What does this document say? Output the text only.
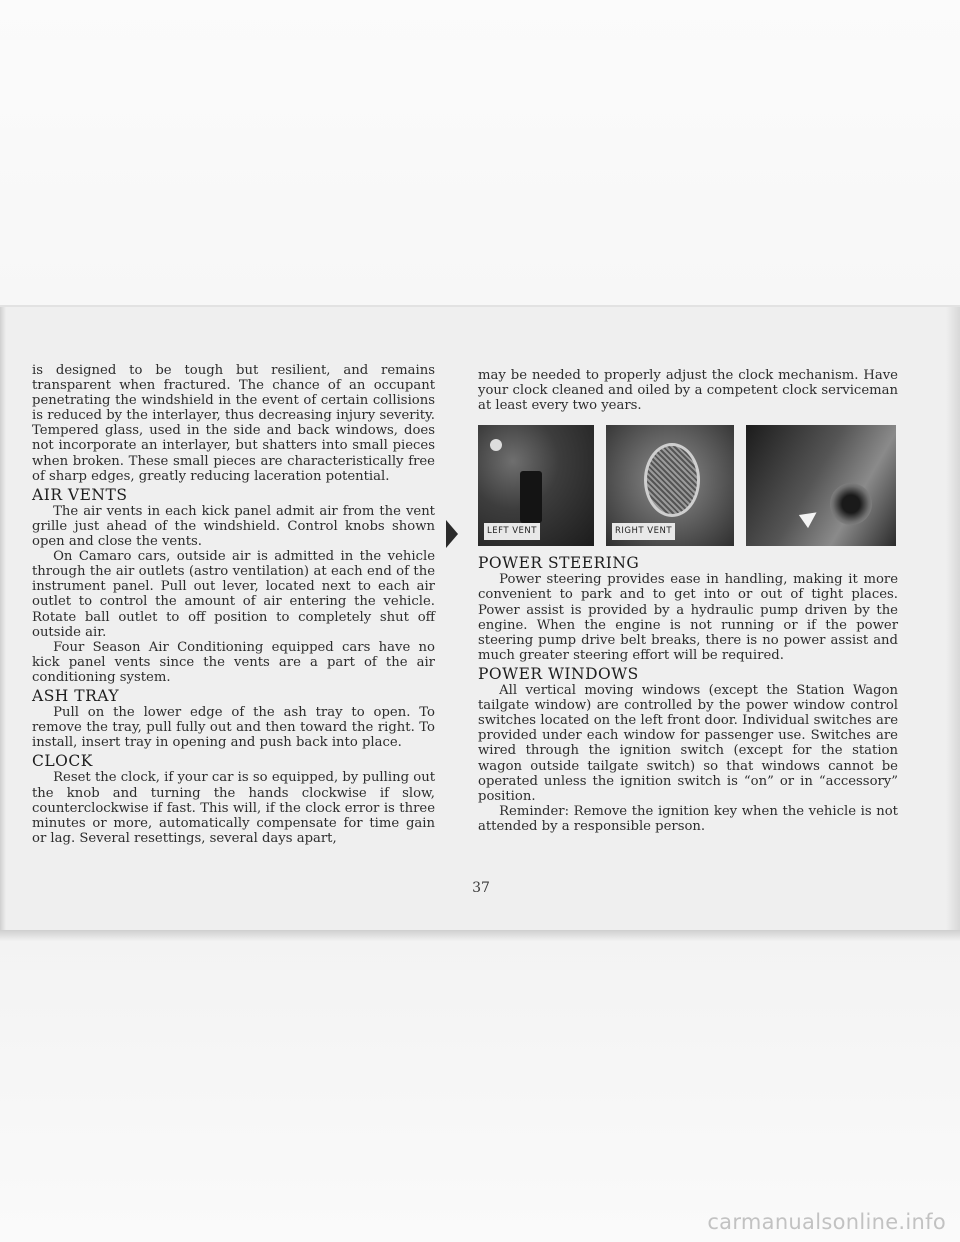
is designed to be tough but resilient, and remains transparent when fractured. The chance of an occupant penetrating the windshield in the event of certain collisions is reduced by the interlayer, thus decreasing injury severity. Tempered glass, used in the side and back windows, does not incorporate an interlayer, but shatters into small pieces when broken. These small pieces are characteristically free of sharp edges, greatly reducing laceration potential.

AIR VENTS

The air vents in each kick panel admit air from the vent grille just ahead of the windshield. Control knobs shown open and close the vents.

On Camaro cars, outside air is admitted in the vehicle through the air outlets (astro ventilation) at each end of the instrument panel. Pull out lever, located next to each air outlet to control the amount of air entering the vehicle. Rotate ball outlet to off position to completely shut off outside air.

Four Season Air Conditioning equipped cars have no kick panel vents since the vents are a part of the air conditioning system.

ASH TRAY

Pull on the lower edge of the ash tray to open. To remove the tray, pull fully out and then toward the right. To install, insert tray in opening and push back into place.

CLOCK

Reset the clock, if your car is so equipped, by pulling out the knob and turning the hands clockwise if slow, counterclockwise if fast. This will, if the clock error is three minutes or more, automatically compensate for time gain or lag. Several resettings, several days apart,

may be needed to properly adjust the clock mechanism. Have your clock cleaned and oiled by a competent clock serviceman at least every two years.

LEFT VENT	RIGHT VENT
POWER STEERING

Power steering provides ease in handling, making it more convenient to park and to get into or out of tight places. Power assist is provided by a hydraulic pump driven by the engine. When the engine is not running or if the power steering pump drive belt breaks, there is no power assist and much greater steering effort will be required.

POWER WINDOWS

All vertical moving windows (except the Station Wagon tailgate window) are controlled by the power window control switches located on the left front door. Individual switches are provided under each window for passenger use. Switches are wired through the ignition switch (except for the station wagon outside tailgate switch) so that windows cannot be operated unless the ignition switch is “on” or in “accessory” position.

Reminder: Remove the ignition key when the vehicle is not attended by a responsible person.

37
carmanualsonline.info
